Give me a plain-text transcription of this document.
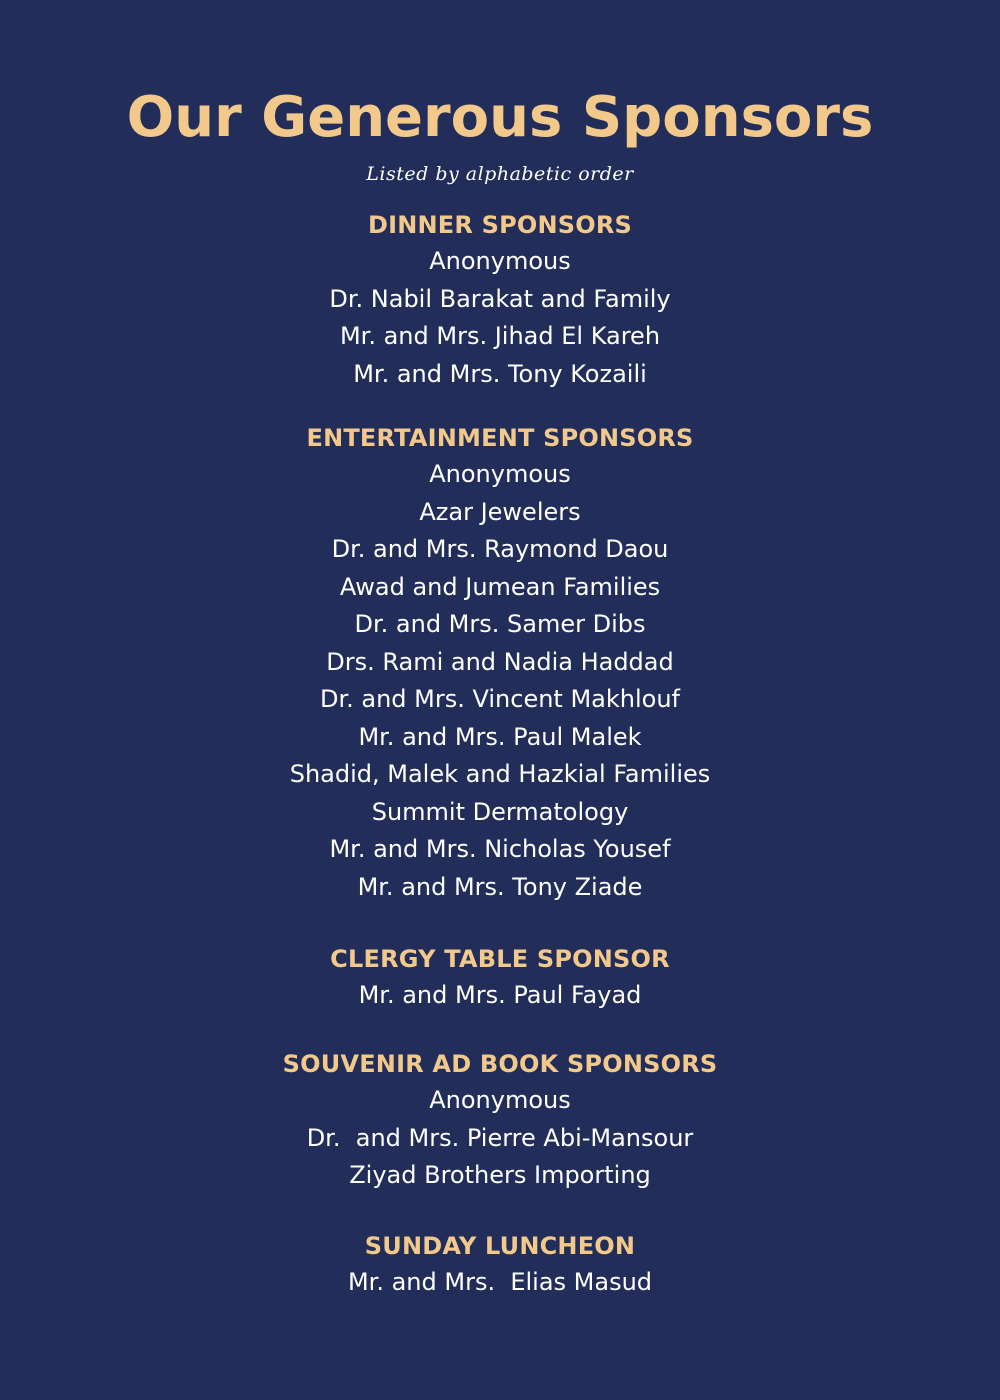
Our Generous Sponsors

Listed by alphabetic order

DINNER SPONSORS
Anonymous
Dr. Nabil Barakat and Family
Mr. and Mrs. Jihad El Kareh
Mr. and Mrs. Tony Kozaili
ENTERTAINMENT SPONSORS
Anonymous
Azar Jewelers
Dr. and Mrs. Raymond Daou
Awad and Jumean Families
Dr. and Mrs. Samer Dibs
Drs. Rami and Nadia Haddad
Dr. and Mrs. Vincent Makhlouf
Mr. and Mrs. Paul Malek
Shadid, Malek and Hazkial Families
Summit Dermatology
Mr. and Mrs. Nicholas Yousef
Mr. and Mrs. Tony Ziade
CLERGY TABLE SPONSOR
Mr. and Mrs. Paul Fayad
SOUVENIR AD BOOK SPONSORS
Anonymous
Dr.  and Mrs. Pierre Abi-Mansour
Ziyad Brothers Importing
SUNDAY LUNCHEON
Mr. and Mrs.  Elias Masud
